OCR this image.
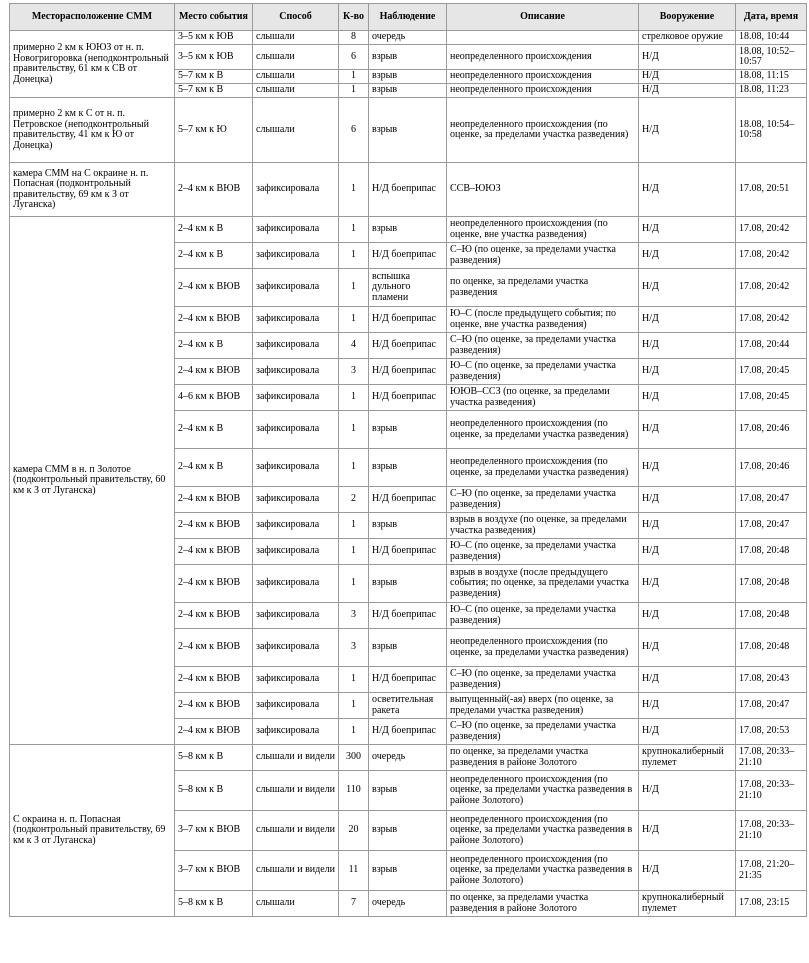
Месторасположение СММ	Место события	Способ	К-во	Наблюдение	Описание	Вооружение	Дата, время
примерно 2 км к ЮЮЗ от н. п. Новогригоровка (неподконтрольный правительству, 61 км к СВ от Донецка)	3–5 км к ЮВ	слышали	8	очередь		стрелковое оружие	18.08, 10:44
	3–5 км к ЮВ	слышали	6	взрыв	неопределенного происхождения	Н/Д	18.08, 10:52–10:57
	5–7 км к В	слышали	1	взрыв	неопределенного происхождения	Н/Д	18.08, 11:15
	5–7 км к В	слышали	1	взрыв	неопределенного происхождения	Н/Д	18.08, 11:23
примерно 2 км к С от н. п. Петровское (неподконтрольный правительству, 41 км к Ю от Донецка)	5–7 км к Ю	слышали	6	взрыв	неопределенного происхождения (по оценке, за пределами участка разведения)	Н/Д	18.08, 10:54–10:58
камера СММ на С окраине н. п. Попасная (подконтрольный правительству, 69 км к З от Луганска)	2–4 км к ВЮВ	зафиксировала	1	Н/Д боеприпас	ССВ–ЮЮЗ	Н/Д	17.08, 20:51
камера СММ в н. п Золотое (подконтрольный правительству, 60 км к З от Луганска)	2–4 км к В	зафиксировала	1	взрыв	неопределенного происхождения (по оценке, вне участка разведения)	Н/Д	17.08, 20:42
	2–4 км к В	зафиксировала	1	Н/Д боеприпас	С–Ю (по оценке, за пределами участка разведения)	Н/Д	17.08, 20:42
	2–4 км к ВЮВ	зафиксировала	1	вспышка дульного пламени	по оценке, за пределами участка разведения	Н/Д	17.08, 20:42
	2–4 км к ВЮВ	зафиксировала	1	Н/Д боеприпас	Ю–С (после предыдущего события; по оценке, вне участка разведения)	Н/Д	17.08, 20:42
	2–4 км к В	зафиксировала	4	Н/Д боеприпас	С–Ю (по оценке, за пределами участка разведения)	Н/Д	17.08, 20:44
	2–4 км к ВЮВ	зафиксировала	3	Н/Д боеприпас	Ю–С (по оценке, за пределами участка разведения)	Н/Д	17.08, 20:45
	4–6 км к ВЮВ	зафиксировала	1	Н/Д боеприпас	ЮЮВ–ССЗ (по оценке, за пределами участка разведения)	Н/Д	17.08, 20:45
	2–4 км к В	зафиксировала	1	взрыв	неопределенного происхождения (по оценке, за пределами участка разведения)	Н/Д	17.08, 20:46
	2–4 км к В	зафиксировала	1	взрыв	неопределенного происхождения (по оценке, за пределами участка разведения)	Н/Д	17.08, 20:46
	2–4 км к ВЮВ	зафиксировала	2	Н/Д боеприпас	С–Ю (по оценке, за пределами участка разведения)	Н/Д	17.08, 20:47
	2–4 км к ВЮВ	зафиксировала	1	взрыв	взрыв в воздухе (по оценке, за пределами участка разведения)	Н/Д	17.08, 20:47
	2–4 км к ВЮВ	зафиксировала	1	Н/Д боеприпас	Ю–С (по оценке, за пределами участка разведения)	Н/Д	17.08, 20:48
	2–4 км к ВЮВ	зафиксировала	1	взрыв	взрыв в воздухе (после предыдущего события; по оценке, за пределами участка разведения)	Н/Д	17.08, 20:48
	2–4 км к ВЮВ	зафиксировала	3	Н/Д боеприпас	Ю–С (по оценке, за пределами участка разведения)	Н/Д	17.08, 20:48
	2–4 км к ВЮВ	зафиксировала	3	взрыв	неопределенного происхождения (по оценке, за пределами участка разведения)	Н/Д	17.08, 20:48
	2–4 км к ВЮВ	зафиксировала	1	Н/Д боеприпас	С–Ю (по оценке, за пределами участка разведения)	Н/Д	17.08, 20:43
	2–4 км к ВЮВ	зафиксировала	1	осветительная ракета	выпущенный(-ая) вверх (по оценке, за пределами участка разведения)	Н/Д	17.08, 20:47
	2–4 км к ВЮВ	зафиксировала	1	Н/Д боеприпас	С–Ю (по оценке, за пределами участка разведения)	Н/Д	17.08, 20:53
С окраина н. п. Попасная (подконтрольный правительству, 69 км к З от Луганска)	5–8 км к В	слышали и видели	300	очередь	по оценке, за пределами участка разведения в районе Золотого	крупнокалиберный пулемет	17.08, 20:33–21:10
	5–8 км к В	слышали и видели	110	взрыв	неопределенного происхождения (по оценке, за пределами участка разведения в районе Золотого)	Н/Д	17.08, 20:33–21:10
	3–7 км к ВЮВ	слышали и видели	20	взрыв	неопределенного происхождения (по оценке, за пределами участка разведения в районе Золотого)	Н/Д	17.08, 20:33–21:10
	3–7 км к ВЮВ	слышали и видели	11	взрыв	неопределенного происхождения (по оценке, за пределами участка разведения в районе Золотого)	Н/Д	17.08, 21:20–21:35
	5–8 км к В	слышали	7	очередь	по оценке, за пределами участка разведения в районе Золотого	крупнокалиберный пулемет	17.08, 23:15
